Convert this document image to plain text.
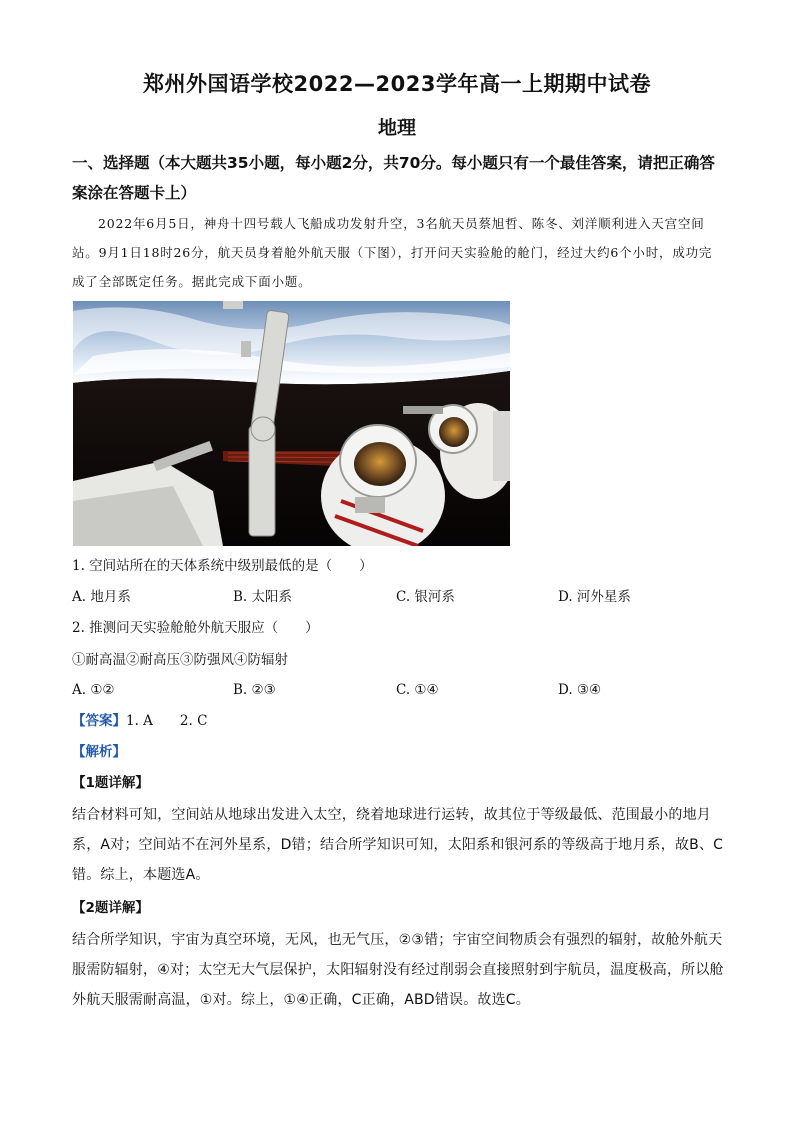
郑州外国语学校2022—2023学年高一上期期中试卷
地理
一、选择题（本大题共35小题，每小题2分，共70分。每小题只有一个最佳答案，请把正确答案涂在答题卡上）
2022年6月5日，神舟十四号载人飞船成功发射升空，3名航天员蔡旭哲、陈冬、刘洋顺利进入天宫空间站。9月1日18时26分，航天员身着舱外航天服（下图），打开问天实验舱的舱门，经过大约6个小时，成功完成了全部既定任务。据此完成下面小题。
1. 空间站所在的天体系统中级别最低的是（　　）
A. 地月系	B. 太阳系	C. 银河系	D. 河外星系
2. 推测问天实验舱舱外航天服应（　　）
①耐高温②耐高压③防强风④防辐射
A. ①②	B. ②③	C. ①④	D. ③④
【答案】1. A　　2. C
【解析】
【1题详解】
结合材料可知，空间站从地球出发进入太空，绕着地球进行运转，故其位于等级最低、范围最小的地月系，A对；空间站不在河外星系，D错；结合所学知识可知，太阳系和银河系的等级高于地月系，故B、C错。综上，本题选A。
【2题详解】
结合所学知识，宇宙为真空环境，无风，也无气压，②③错；宇宙空间物质会有强烈的辐射，故舱外航天服需防辐射，④对；太空无大气层保护，太阳辐射没有经过削弱会直接照射到宇航员，温度极高，所以舱外航天服需耐高温，①对。综上，①④正确，C正确，ABD错误。故选C。
